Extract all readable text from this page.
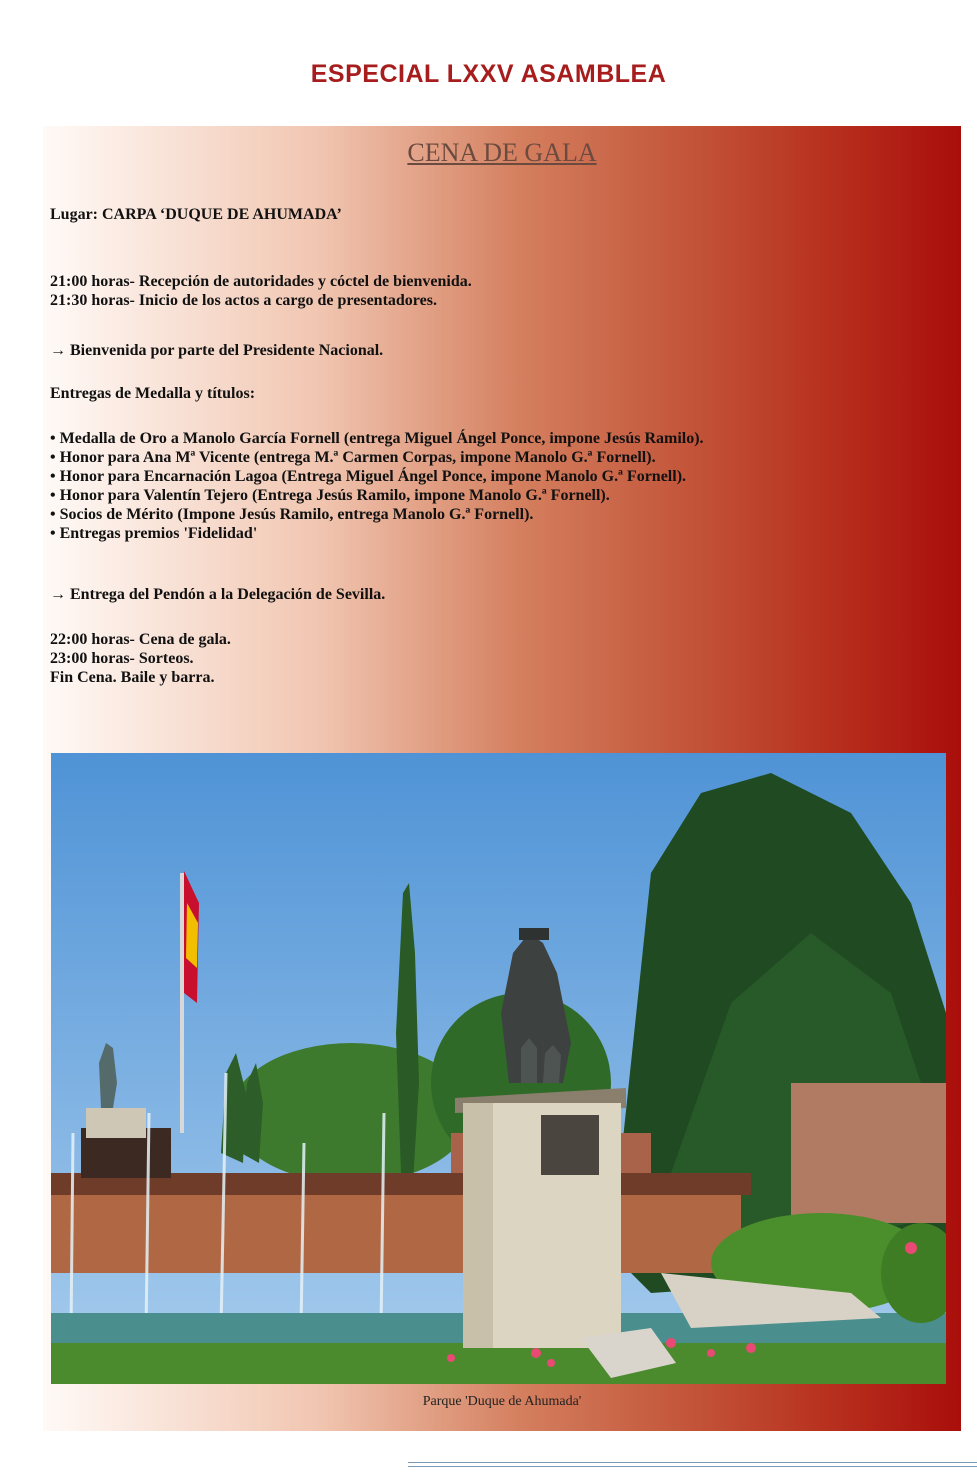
ESPECIAL LXXV ASAMBLEA
CENA DE GALA

Lugar: CARPA ‘DUQUE DE AHUMADA’

21:00 horas- Recepción de autoridades y cóctel de bienvenida.
21:30 horas- Inicio de los actos a cargo de presentadores.

→ Bienvenida por parte del Presidente Nacional.

Entregas de Medalla y títulos:

• Medalla de Oro a Manolo García Fornell (entrega Miguel Ángel Ponce, impone Jesús Ramilo).
• Honor para Ana Mª Vicente (entrega M.ª Carmen Corpas, impone Manolo G.ª Fornell).
• Honor para Encarnación Lagoa (Entrega Miguel Ángel Ponce, impone Manolo G.ª Fornell).
• Honor para Valentín Tejero (Entrega Jesús Ramilo, impone Manolo G.ª Fornell).
• Socios de Mérito (Impone Jesús Ramilo, entrega Manolo G.ª Fornell).
• Entregas premios 'Fidelidad'

→ Entrega del Pendón a la Delegación de Sevilla.

22:00 horas- Cena de gala.
23:00 horas- Sorteos.
Fin Cena. Baile y barra.
Parque 'Duque de Ahumada'
